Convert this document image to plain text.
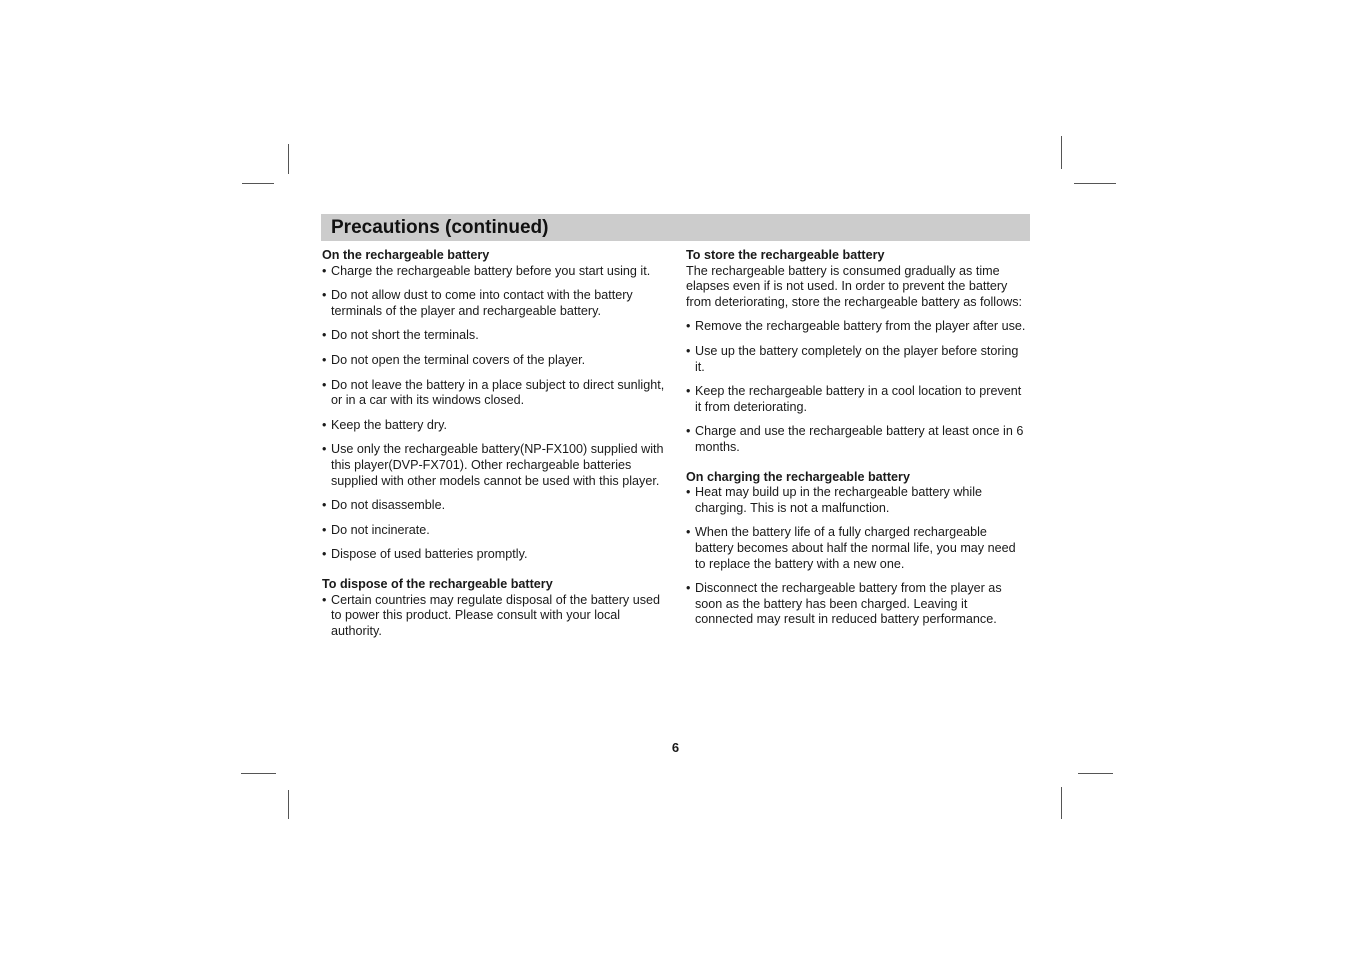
Precautions (continued)

On the rechargeable battery

• Charge the rechargeable battery before you start using it.
• Do not allow dust to come into contact with the battery terminals of the player and rechargeable battery.
• Do not short the terminals.
• Do not open the terminal covers of the player.
• Do not leave the battery in a place subject to direct sunlight, or in a car with its windows closed.
• Keep the battery dry.
• Use only the rechargeable battery(NP-FX100) supplied with this player(DVP-FX701). Other rechargeable batteries supplied with other models cannot be used with this player.
• Do not disassemble.
• Do not incinerate.
• Dispose of used batteries promptly.

To dispose of the rechargeable battery

• Certain countries may regulate disposal of the battery used to power this product. Please consult with your local authority.

To store the rechargeable battery

The rechargeable battery is consumed gradually as time elapses even if is not used. In order to prevent the battery from deteriorating, store the rechargeable battery as follows:

• Remove the rechargeable battery from the player after use.
• Use up the battery completely on the player before storing it.
• Keep the rechargeable battery in a cool location to prevent it from deteriorating.
• Charge and use the rechargeable battery at least once in 6 months.

On charging the rechargeable battery

• Heat may build up in the rechargeable battery while charging. This is not a malfunction.
• When the battery life of a fully charged rechargeable battery becomes about half the normal life, you may need to replace the battery with a new one.
• Disconnect the rechargeable battery from the player as soon as the battery has been charged. Leaving it connected may result in reduced battery performance.
6
